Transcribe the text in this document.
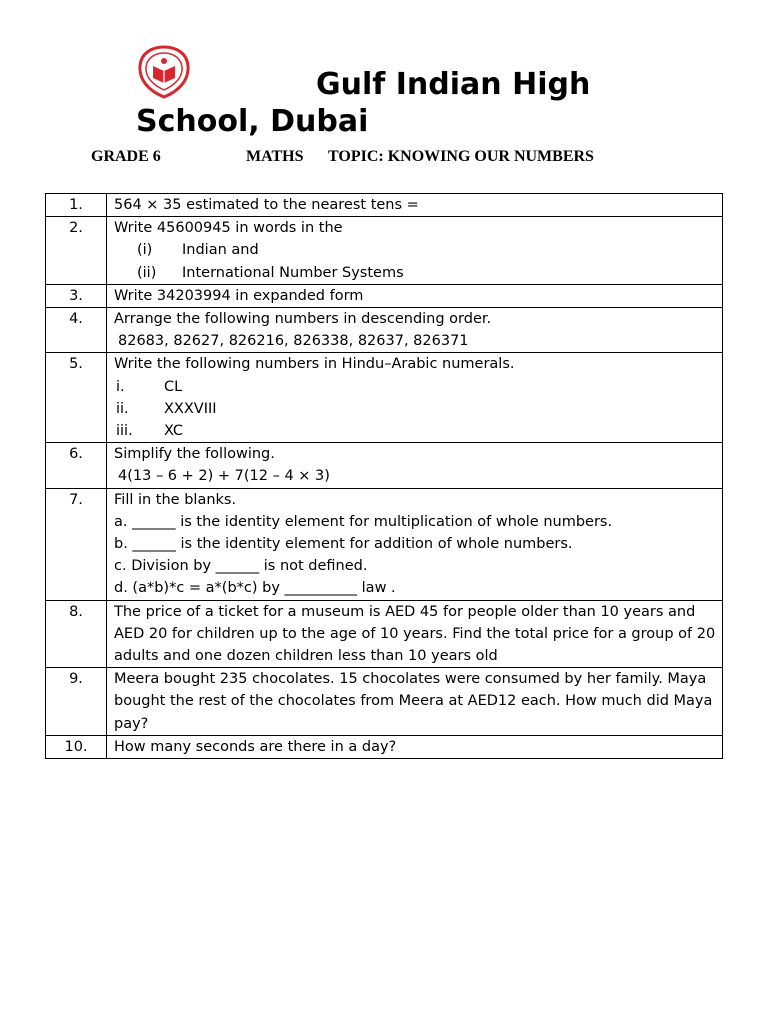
Gulf Indian High
School, Dubai
GRADE 6	MATHS TOPIC: KNOWING OUR NUMBERS
1.	564 × 35 estimated to the nearest tens =

2.	Write 45600945 in words in the
(i) Indian and
(ii) International Number Systems

3.	Write 34203994 in expanded form

4.	Arrange the following numbers in descending order.
82683, 82627, 826216, 826338, 82637, 826371

5.	Write the following numbers in Hindu–Arabic numerals.
i. CL
ii. XXXVIII
iii. XC

6.	Simplify the following.
4(13 – 6 + 2) + 7(12 – 4 × 3)

7.	Fill in the blanks.
a. ______ is the identity element for multiplication of whole numbers.
b. ______ is the identity element for addition of whole numbers.
c. Division by ______ is not defined.
d. (a*b)*c = a*(b*c) by __________ law .

8.	The price of a ticket for a museum is AED 45 for people older than 10 years and AED 20 for children up to the age of 10 years. Find the total price for a group of 20 adults and one dozen children less than 10 years old

9.	Meera bought 235 chocolates. 15 chocolates were consumed by her family. Maya bought the rest of the chocolates from Meera at AED12 each. How much did Maya pay?

10.	How many seconds are there in a day?
